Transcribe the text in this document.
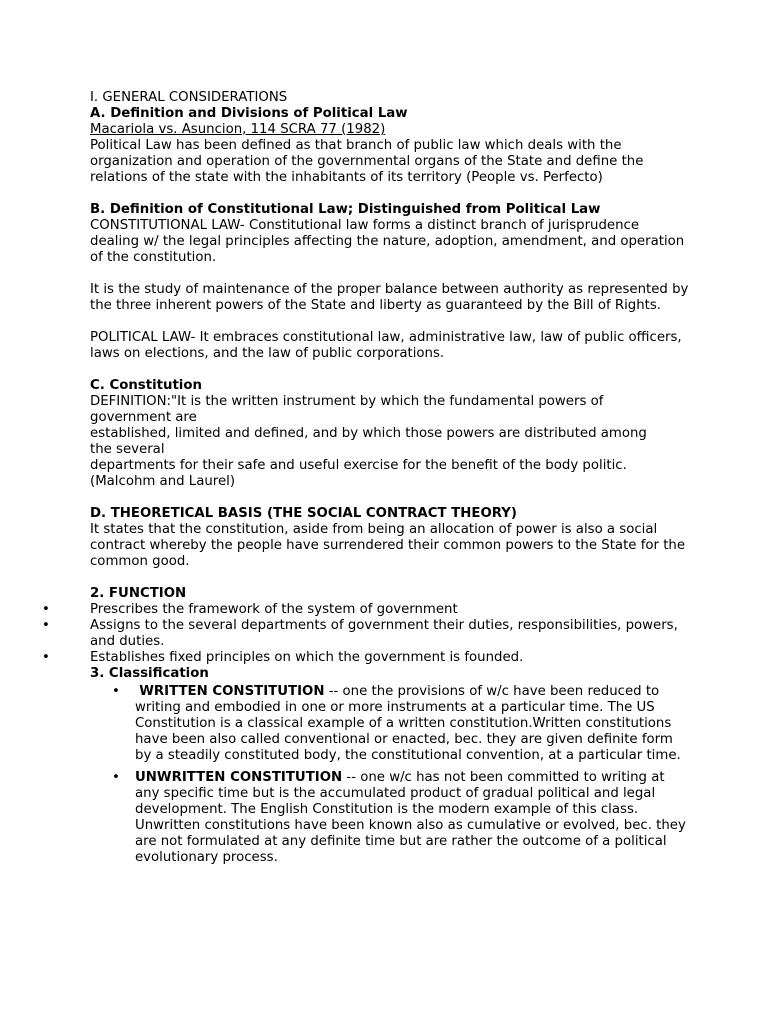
I. GENERAL CONSIDERATIONS

A. Definition and Divisions of Political Law

Macariola vs. Asuncion, 114 SCRA 77 (1982)

Political Law has been defined as that branch of public law which deals with the organization and operation of the governmental organs of the State and define the relations of the state with the inhabitants of its territory (People vs. Perfecto)

B. Definition of Constitutional Law; Distinguished from Political Law

CONSTITUTIONAL LAW- Constitutional law forms a distinct branch of jurisprudence dealing w/ the legal principles affecting the nature, adoption, amendment, and operation of the constitution.

It is the study of maintenance of the proper balance between authority as represented by the three inherent powers of the State and liberty as guaranteed by the Bill of Rights.

POLITICAL LAW- It embraces constitutional law, administrative law, law of public officers, laws on elections, and the law of public corporations.

C. Constitution

DEFINITION:"It is the written instrument by which the fundamental powers of

government are

established, limited and defined, and by which those powers are distributed among

the several

departments for their safe and useful exercise for the benefit of the body politic.

(Malcohm and Laurel)

D. THEORETICAL BASIS (THE SOCIAL CONTRACT THEORY)

It states that the constitution, aside from being an allocation of power is also a social contract whereby the people have surrendered their common powers to the State for the common good.

2. FUNCTION

•	Prescribes the framework of the system of government

•	Assigns to the several departments of government their duties, responsibilities, powers, and duties.

•	Establishes fixed principles on which the government is founded.

3. Classification

•	WRITTEN CONSTITUTION -- one the provisions of w/c have been reduced to writing and embodied in one or more instruments at a particular time. The US Constitution is a classical example of a written constitution.Written constitutions have been also called conventional or enacted, bec. they are given definite form by a steadily constituted body, the constitutional convention, at a particular time.

• UNWRITTEN CONSTITUTION -- one w/c has not been committed to writing at any specific time but is the accumulated product of gradual political and legal development. The English Constitution is the modern example of this class. Unwritten constitutions have been known also as cumulative or evolved, bec. they are not formulated at any definite time but are rather the outcome of a political evolutionary process.
